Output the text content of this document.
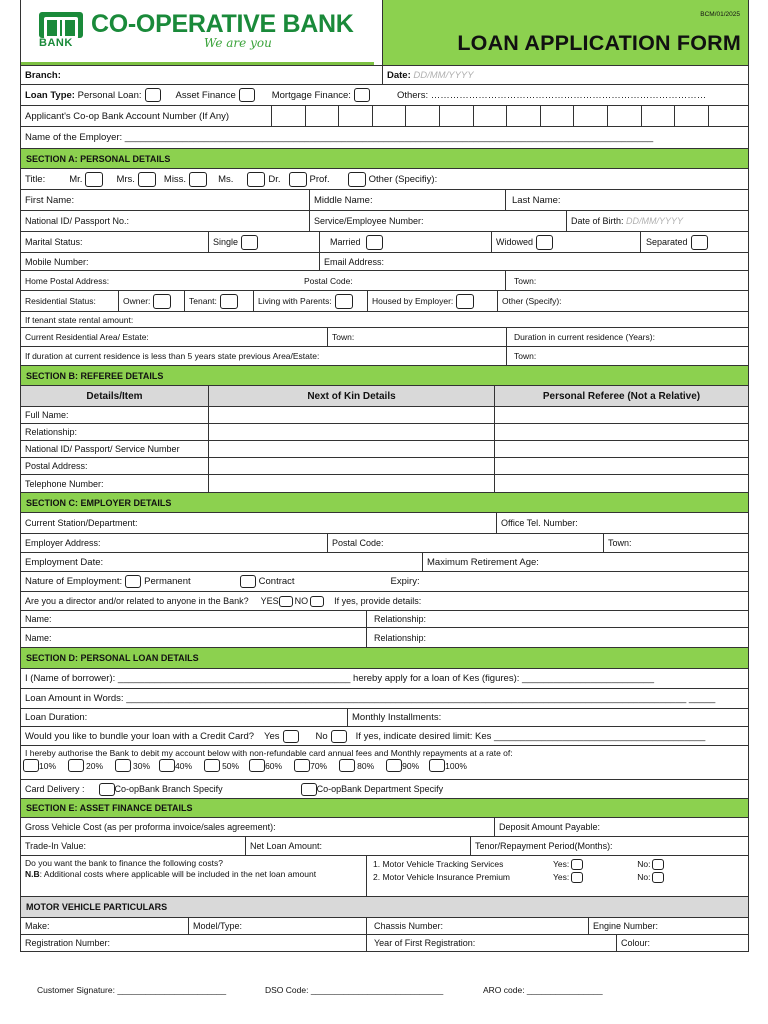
BANK
CO-OPERATIVE BANK
We are you
BCM/01/2025
LOAN APPLICATION FORM
Branch:	Date:
DD/MM/YYYY
Loan Type:
Personal Loan:	Asset Finance	Mortgage Finance:	Others: ……………………………………………………………………………
Applicant's Co-op Bank Account Number (If Any)
Name of the Employer: ____________________________________________________________________________________________________
SECTION A: PERSONAL DETAILS
Title:	Mr.	Mrs.	Miss.	Ms.	Dr.	Prof.	Other (Specifiy):
First Name:	Middle Name:	Last Name:
National ID/ Passport No.:	Service/Employee Number:	Date of Birth:
DD/MM/YYYY
Marital Status:	Single	Married	Widowed	Separated
Mobile Number:	Email Address:
Home Postal Address:	Postal Code:	Town:
Residential Status:	Owner:	Tenant:	Living with Parents:	Housed by Employer:	Other (Specify):
If tenant state rental amount:
Current Residential Area/ Estate:	Town:	Duration in current residence (Years):
If duration at current residence is less than 5 years state previous Area/Estate:	Town:
SECTION B: REFEREE DETAILS
Details/Item	Next of Kin Details	Personal Referee (Not a Relative)
Full Name:
Relationship:
National ID/ Passport/ Service Number
Postal Address:
Telephone Number:
SECTION C: EMPLOYER DETAILS
Current Station/Department:	Office Tel. Number:
Employer Address:	Postal Code:	Town:
Employment Date:	Maximum Retirement Age:
Nature of Employment: Permanent	Contract	Expiry:
Are you a director and/or related to anyone in the Bank? YES NO	If yes, provide details:
Name:	Relationship:
Name:	Relationship:
SECTION D: PERSONAL LOAN DETAILS
I (Name of borrower): ____________________________________________
hereby apply for a loan of Kes (figures): _________________________
Loan Amount in Words: __________________________________________________________________________________________________________ _____
Loan Duration:	Monthly Installments:
Would you like to bundle your loan with a Credit Card? Yes	No	If yes, indicate desired limit: Kes ________________________________________
I hereby authorise the Bank to debit my account below with non-refundable card annual fees and Monthly repayments at a rate of:
10%	20%	30%	40%	50%	60%	70%	80%	90%	100%
Card Delivery :	Co-opBank Branch Specify	Co-opBank Department Specify
SECTION E: ASSET FINANCE DETAILS
Gross Vehicle Cost (as per proforma invoice/sales agreement):	Deposit Amount Payable:
Trade-In Value:	Net Loan Amount:	Tenor/Repayment Period(Months):
Do you want the bank to finance the following costs?
N.B: Additional costs where applicable will be included in the net loan amount
1. Motor Vehicle Tracking Services	Yes:	No:
2. Motor Vehicle Insurance Premium	Yes:	No:
MOTOR VEHICLE PARTICULARS
Make:	Model/Type:	Chassis Number:	Engine Number:
Registration Number:	Year of First Registration:	Colour:
Customer Signature: _______________________	DSO Code: ____________________________	ARO code: ________________
